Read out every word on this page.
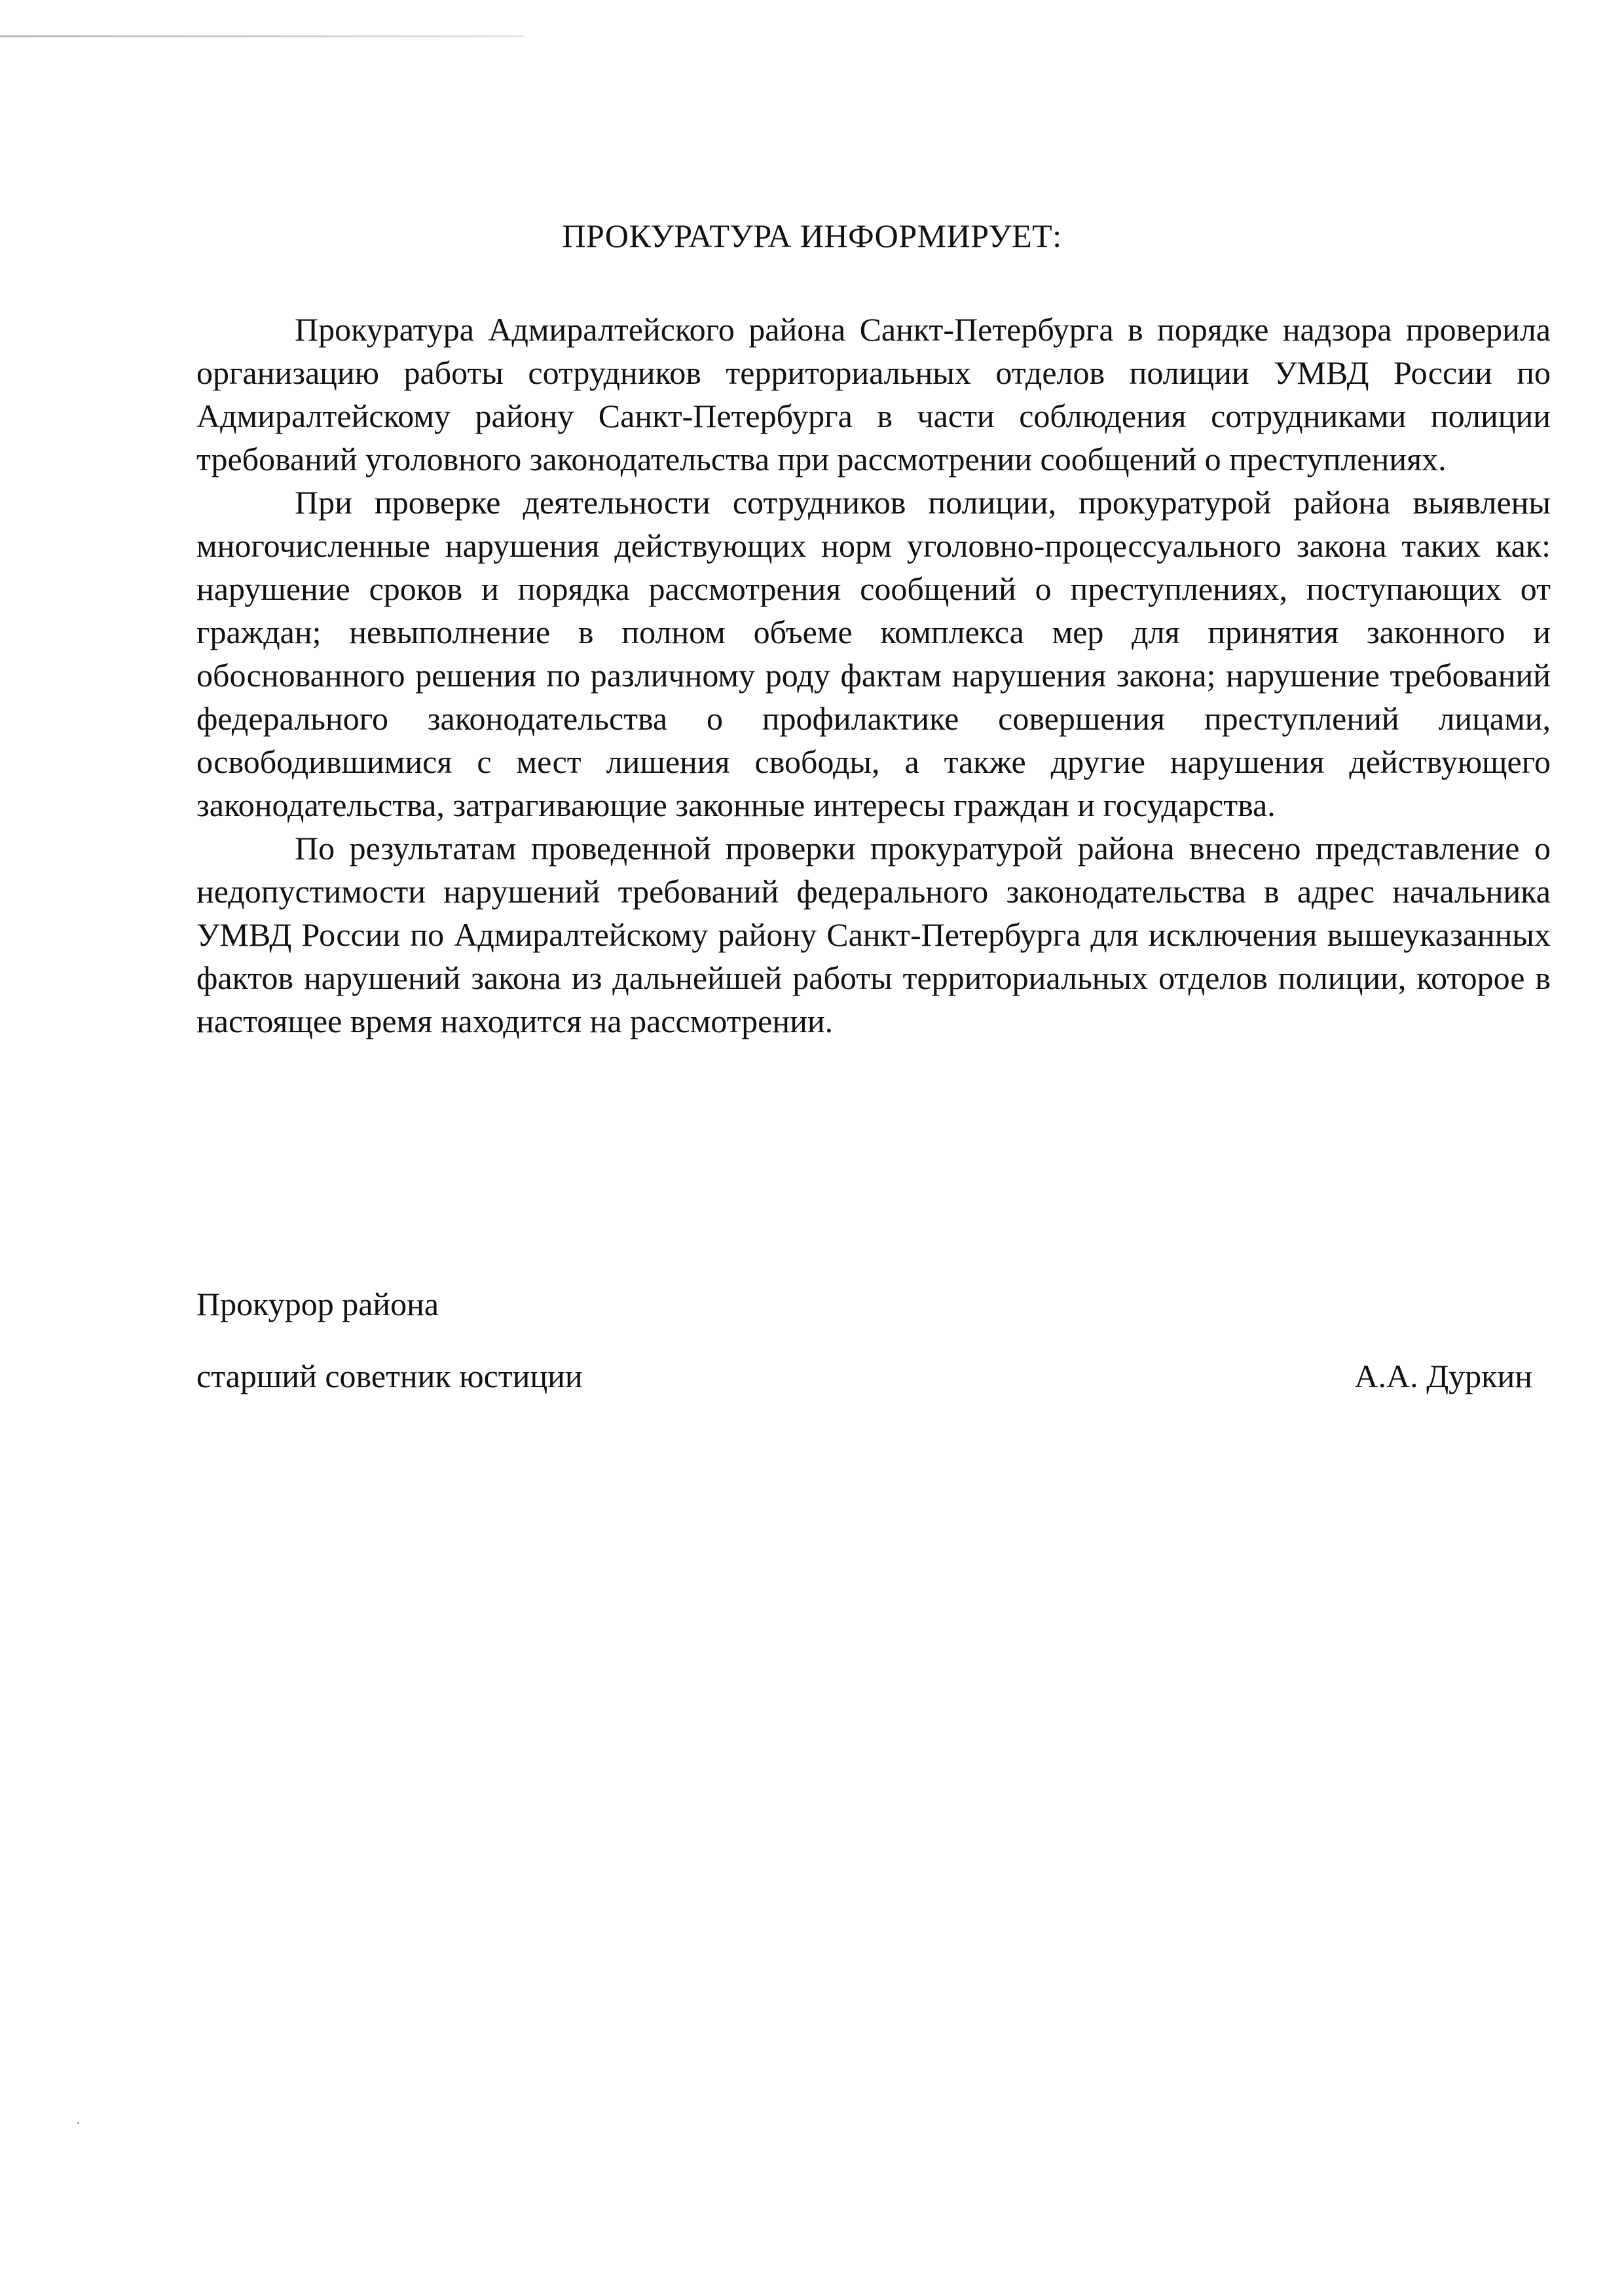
ПРОКУРАТУРА ИНФОРМИРУЕТ:

Прокуратура Адмиралтейского района Санкт-Петербурга в порядке надзора проверила организацию работы сотрудников территориальных отделов полиции УМВД России по Адмиралтейскому району Санкт-Петербурга в части соблюдения сотрудниками полиции требований уголовного законодательства при рассмотрении сообщений о преступлениях.

При проверке деятельности сотрудников полиции, прокуратурой района выявлены многочисленные нарушения действующих норм уголовно-процессуального закона таких как: нарушение сроков и порядка рассмотрения сообщений о преступлениях, поступающих от граждан; невыполнение в полном объеме комплекса мер для принятия законного и обоснованного решения по различному роду фактам нарушения закона; нарушение требований федерального законодательства о профилактике совершения преступлений лицами, освободившимися с мест лишения свободы, а также другие нарушения действующего законодательства, затрагивающие законные интересы граждан и государства.

По результатам проведенной проверки прокуратурой района внесено представление о недопустимости нарушений требований федерального законодательства в адрес начальника УМВД России по Адмиралтейскому району Санкт-Петербурга для исключения вышеуказанных фактов нарушений закона из дальнейшей работы территориальных отделов полиции, которое в настоящее время находится на рассмотрении.

Прокурор района
старший советник юстиции	А.А. Дуркин
